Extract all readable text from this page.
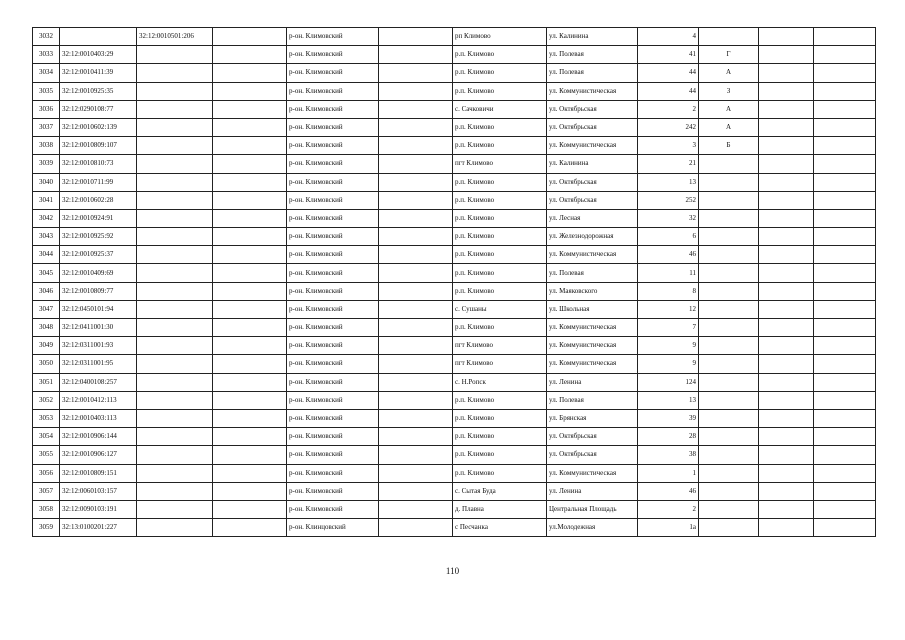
3032		32:12:0010501:206		р-он. Климовский		рп Климово	ул. Калинина	4			
3033	32:12:0010403:29			р-он. Климовский		р.п. Климово	ул. Полевая	41	Г		
3034	32:12:0010411:39			р-он. Климовский		р.п. Климово	ул. Полевая	44	А		
3035	32:12:0010925:35			р-он. Климовский		р.п. Климово	ул. Коммунистическая	44	З		
3036	32:12:0290108:77			р-он. Климовский		с. Сачковичи	ул. Октябрьская	2	А		
3037	32:12:0010602:139			р-он. Климовский		р.п. Климово	ул. Октябрьская	242	А		
3038	32:12:0010809:107			р-он. Климовский		р.п. Климово	ул. Коммунистическая	3	Б		
3039	32:12:0010810:73			р-он. Климовский		пгт Климово	ул. Калинина	21			
3040	32:12:0010711:99			р-он. Климовский		р.п. Климово	ул. Октябрьская	13			
3041	32:12:0010602:28			р-он. Климовский		р.п. Климово	ул. Октябрьская	252			
3042	32:12:0010924:91			р-он. Климовский		р.п. Климово	ул. Лесная	32			
3043	32:12:0010925:92			р-он. Климовский		р.п. Климово	ул. Железнодорожная	6			
3044	32:12:0010925:37			р-он. Климовский		р.п. Климово	ул. Коммунистическая	46			
3045	32:12:0010409:69			р-он. Климовский		р.п. Климово	ул. Полевая	11			
3046	32:12:0010809:77			р-он. Климовский		р.п. Климово	ул. Маяковского	8			
3047	32:12:0450101:94			р-он. Климовский		с. Сушаны	ул. Школьная	12			
3048	32:12:0411001:30			р-он. Климовский		р.п. Климово	ул. Коммунистическая	7			
3049	32:12:0311001:93			р-он. Климовский		пгт Климово	ул. Коммунистическая	9			
3050	32:12:0311001:95			р-он. Климовский		пгт Климово	ул. Коммунистическая	9			
3051	32:12:0400108:257			р-он. Климовский		с. Н.Ропск	ул. Ленина	124			
3052	32:12:0010412:113			р-он. Климовский		р.п. Климово	ул. Полевая	13			
3053	32:12:0010403:113			р-он. Климовский		р.п. Климово	ул. Брянская	39			
3054	32:12:0010906:144			р-он. Климовский		р.п. Климово	ул. Октябрьская	28			
3055	32:12:0010906:127			р-он. Климовский		р.п. Климово	ул. Октябрьская	38			
3056	32:12:0010809:151			р-он. Климовский		р.п. Климово	ул. Коммунистическая	1			
3057	32:12:0060103:157			р-он. Климовский		с. Сытая Буда	ул. Ленина	46			
3058	32:12:0090103:191			р-он. Климовский		д. Плавна	Центральная Площадь	2			
3059	32:13:0100201:227			р-он. Клинцовский		с Песчанка	ул.Молодежная	1а			
110
